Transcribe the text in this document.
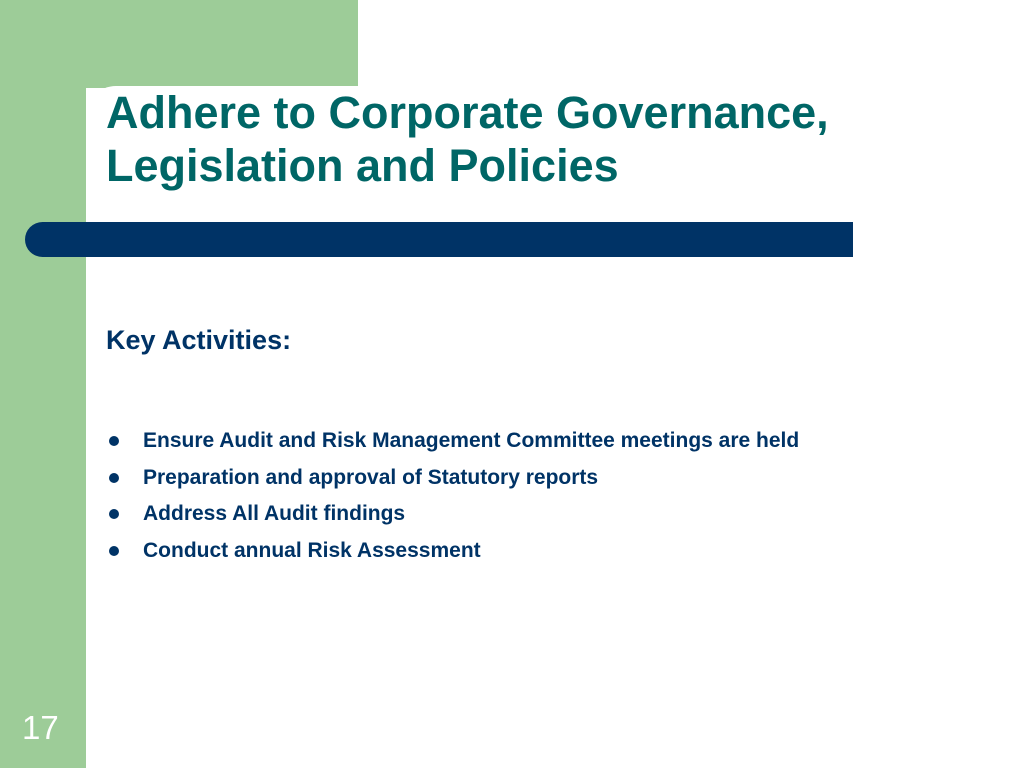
Adhere to Corporate Governance,
Legislation and Policies
Key Activities:
Ensure Audit and Risk Management Committee meetings are held
Preparation and approval of Statutory reports
Address All Audit findings
Conduct annual Risk Assessment

17
